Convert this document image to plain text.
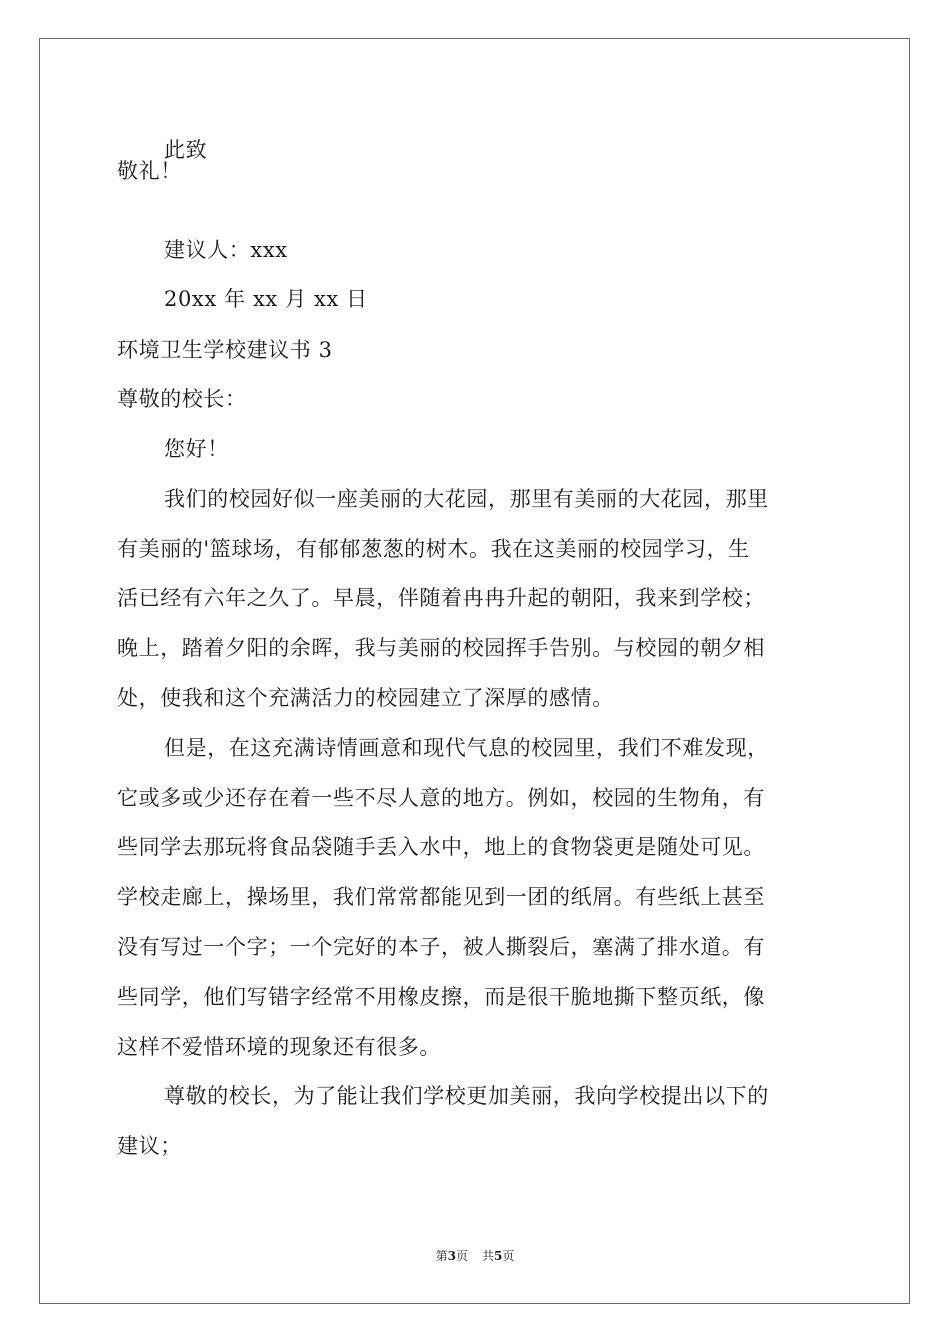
此致
敬礼！
建议人：xxx
20xx 年 xx 月 xx 日
环境卫生学校建议书 3
尊敬的校长：
您好！
我们的校园好似一座美丽的大花园，那里有美丽的大花园，那里
有美丽的'篮球场，有郁郁葱葱的树木。我在这美丽的校园学习，生
活已经有六年之久了。早晨，伴随着冉冉升起的朝阳，我来到学校；
晚上，踏着夕阳的余晖，我与美丽的校园挥手告别。与校园的朝夕相
处，使我和这个充满活力的校园建立了深厚的感情。
但是，在这充满诗情画意和现代气息的校园里，我们不难发现，
它或多或少还存在着一些不尽人意的地方。例如，校园的生物角，有
些同学去那玩将食品袋随手丢入水中，地上的食物袋更是随处可见。
学校走廊上，操场里，我们常常都能见到一团的纸屑。有些纸上甚至
没有写过一个字；一个完好的本子，被人撕裂后，塞满了排水道。有
些同学，他们写错字经常不用橡皮擦，而是很干脆地撕下整页纸，像
这样不爱惜环境的现象还有很多。
尊敬的校长，为了能让我们学校更加美丽，我向学校提出以下的
建议；
第3页 共5页
